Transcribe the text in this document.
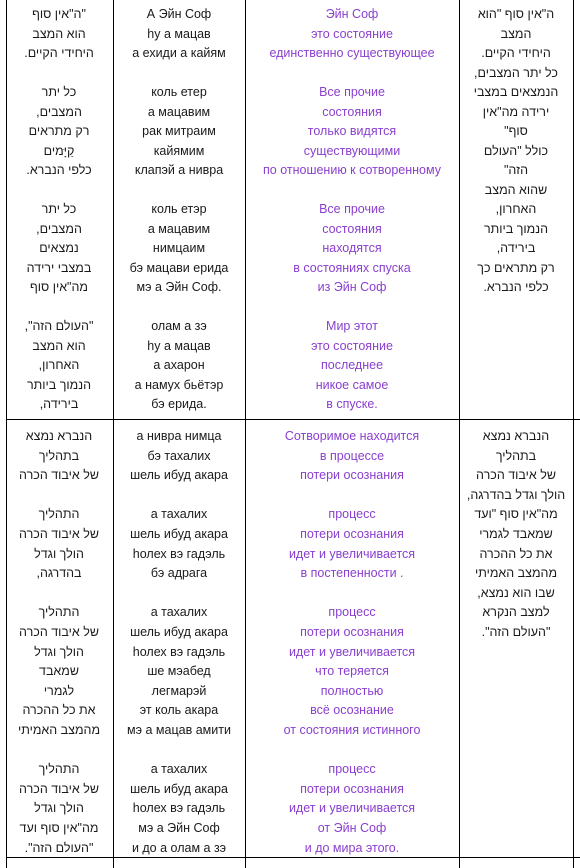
"ה"אין סוף
הוא המצב
היחידי הקיים.
כל יתר
המצבים,
רק מתראים
קַיָּמים
כלפי הנברא.
כל יתר
המצבים,
נמצאים
במצבי ירידה
מה"אין סוף
"העולם הזה",
הוא המצב
האחרון,
הנמוך ביותר
בירידה,
А Эйн Соф
hу а мацав
а ехиди а кайям
коль етер
а мацавим
рак митраим
кайямим
клапэй а нивра
коль етэр
а мацавим
нимцаим
бэ мацави ерида
мэ а Эйн Соф.
олам а зэ
hу а мацав
а ахарон
а намух бьётэр
бэ ерида.
Эйн Соф
это состояние
единственно существующее
Все прочие
состояния
только видятся
существующими
по отношению к сотворенному
Все прочие
состояния
находятся
в состояниях спуска
из Эйн Соф
Мир этот
это состояние
последнее
никое самое
в спуске.
ה"אין סוף "הוא
המצב
היחידי הקיים.
כל יתר המצבים,
הנמצאים במצבי
ירידה מה"אין
סוף"
כולל "העולם
הזה"
שהוא המצב
האחרון,
הנמוך ביותר
בירידה,
רק מתראים כך
כלפי הנברא.
הנברא נמצא
בתהליך
של איבוד הכרה
התהליך
של איבוד הכרה
הולך וגדל
בהדרגה,
התהליך
של איבוד הכרה
הולך וגדל
שמאבד
לגמרי
את כל ההכרה
מהמצב האמיתי
התהליך
של איבוד הכרה
הולך וגדל
מה"אין סוף ועד
"העולם הזה".
а нивра нимца
бэ тахалих
шель ибуд акара
а тахалих
шель ибуд акара
hолех вэ гадэль
бэ адрага
а тахалих
шель ибуд акара
hолех вэ гадэль
ше мэабед
легмарэй
эт коль акара
мэ а мацав амити
а тахалих
шель ибуд акара
hолех вэ гадэль
мэ а Эйн Соф
и до а олам а зэ
Сотворимое находится
в процессе
потери осознания
процесс
потери осознания
идет и увеличивается
в постепенности .
процесс
потери осознания
идет и увеличивается
что теряется
полностью
всё осознание
от состояния истинного
процесс
потери осознания
идет и увеличивается
от Эйн Соф
и до мира этого.
הנברא נמצא
בתהליך
של איבוד הכרה
הולך וגדל בהדרגה,
מה"אין סוף "ועד
שמאבד לגמרי
את כל ההכרה
מהמצב האמיתי
שבו הוא נמצא,
למצב הנקרא
"העולם הזה".
